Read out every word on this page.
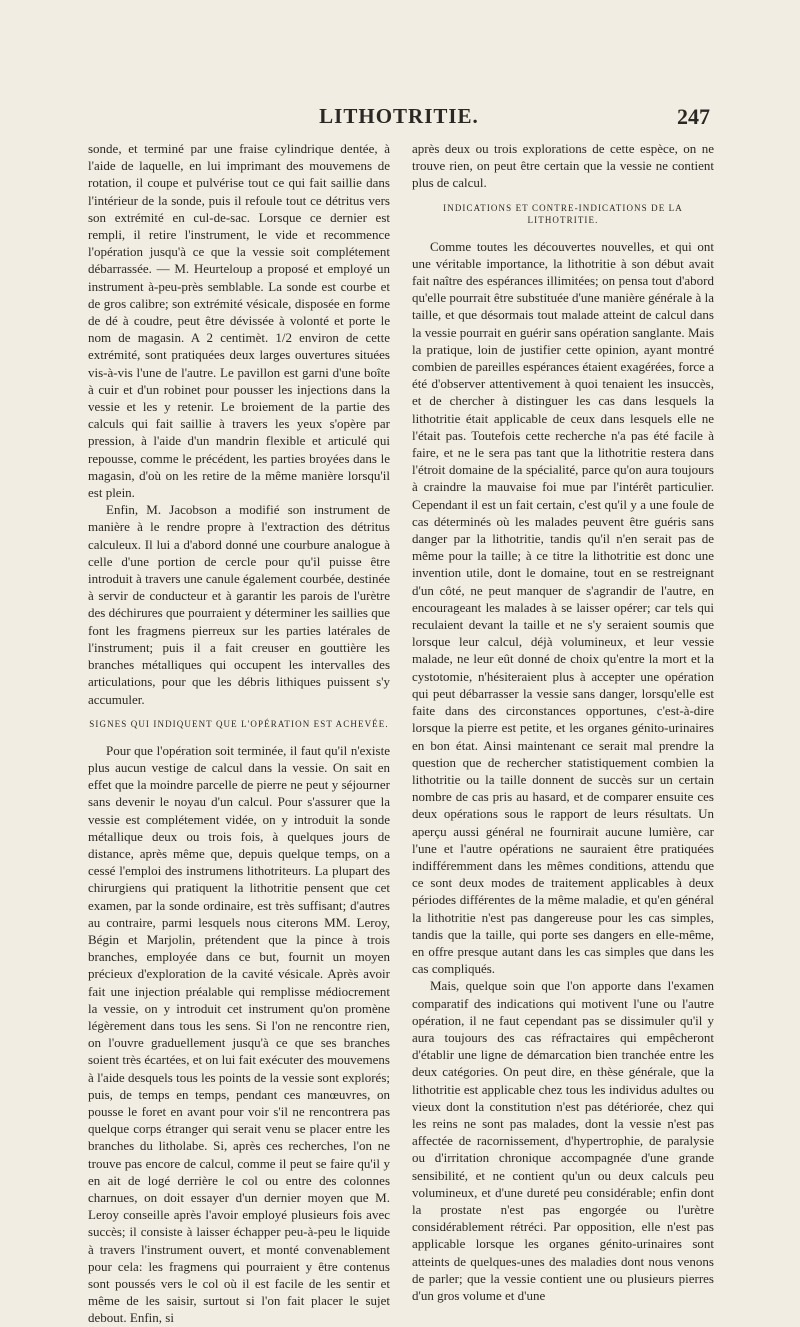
LITHOTRITIE.	247

sonde, et terminé par une fraise cylindrique dentée, à l'aide de laquelle, en lui imprimant des mouvemens de rotation, il coupe et pulvérise tout ce qui fait saillie dans l'intérieur de la sonde, puis il refoule tout ce détritus vers son extrémité en cul-de-sac. Lorsque ce dernier est rempli, il retire l'instrument, le vide et recommence l'opération jusqu'à ce que la vessie soit complétement débarrassée. — M. Heurteloup a proposé et employé un instrument à-peu-près semblable. La sonde est courbe et de gros calibre; son extrémité vésicale, disposée en forme de dé à coudre, peut être dévissée à volonté et porte le nom de magasin. A 2 centimèt. 1/2 environ de cette extrémité, sont pratiquées deux larges ouvertures situées vis-à-vis l'une de l'autre. Le pavillon est garni d'une boîte à cuir et d'un robinet pour pousser les injections dans la vessie et les y retenir. Le broiement de la partie des calculs qui fait saillie à travers les yeux s'opère par pression, à l'aide d'un mandrin flexible et articulé qui repousse, comme le précédent, les parties broyées dans le magasin, d'où on les retire de la même manière lorsqu'il est plein.

Enfin, M. Jacobson a modifié son instrument de manière à le rendre propre à l'extraction des détritus calculeux. Il lui a d'abord donné une courbure analogue à celle d'une portion de cercle pour qu'il puisse être introduit à travers une canule également courbée, destinée à servir de conducteur et à garantir les parois de l'urètre des déchirures que pourraient y déterminer les saillies que font les fragmens pierreux sur les parties latérales de l'instrument; puis il a fait creuser en gouttière les branches métalliques qui occupent les intervalles des articulations, pour que les débris lithiques puissent s'y accumuler.

SIGNES QUI INDIQUENT QUE L'OPÉRATION EST ACHEVÉE.

Pour que l'opération soit terminée, il faut qu'il n'existe plus aucun vestige de calcul dans la vessie. On sait en effet que la moindre parcelle de pierre ne peut y séjourner sans devenir le noyau d'un calcul. Pour s'assurer que la vessie est complétement vidée, on y introduit la sonde métallique deux ou trois fois, à quelques jours de distance, après même que, depuis quelque temps, on a cessé l'emploi des instrumens lithotriteurs. La plupart des chirurgiens qui pratiquent la lithotritie pensent que cet examen, par la sonde ordinaire, est très suffisant; d'autres au contraire, parmi lesquels nous citerons MM. Leroy, Bégin et Marjolin, prétendent que la pince à trois branches, employée dans ce but, fournit un moyen précieux d'exploration de la cavité vésicale. Après avoir fait une injection préalable qui remplisse médiocrement la vessie, on y introduit cet instrument qu'on promène légèrement dans tous les sens. Si l'on ne rencontre rien, on l'ouvre graduellement jusqu'à ce que ses branches soient très écartées, et on lui fait exécuter des mouvemens à l'aide desquels tous les points de la vessie sont explorés; puis, de temps en temps, pendant ces manœuvres, on pousse le foret en avant pour voir s'il ne rencontrera pas quelque corps étranger qui serait venu se placer entre les branches du litholabe. Si, après ces recherches, l'on ne trouve pas encore de calcul, comme il peut se faire qu'il y en ait de logé derrière le col ou entre des colonnes charnues, on doit essayer d'un dernier moyen que M. Leroy conseille après l'avoir employé plusieurs fois avec succès; il consiste à laisser échapper peu-à-peu le liquide à travers l'instrument ouvert, et monté convenablement pour cela: les fragmens qui pourraient y être contenus sont poussés vers le col où il est facile de les sentir et même de les saisir, surtout si l'on fait placer le sujet debout. Enfin, si

après deux ou trois explorations de cette espèce, on ne trouve rien, on peut être certain que la vessie ne contient plus de calcul.

INDICATIONS ET CONTRE-INDICATIONS DE LA LITHOTRITIE.

Comme toutes les découvertes nouvelles, et qui ont une véritable importance, la lithotritie à son début avait fait naître des espérances illimitées; on pensa tout d'abord qu'elle pourrait être substituée d'une manière générale à la taille, et que désormais tout malade atteint de calcul dans la vessie pourrait en guérir sans opération sanglante. Mais la pratique, loin de justifier cette opinion, ayant montré combien de pareilles espérances étaient exagérées, force a été d'observer attentivement à quoi tenaient les insuccès, et de chercher à distinguer les cas dans lesquels la lithotritie était applicable de ceux dans lesquels elle ne l'était pas. Toutefois cette recherche n'a pas été facile à faire, et ne le sera pas tant que la lithotritie restera dans l'étroit domaine de la spécialité, parce qu'on aura toujours à craindre la mauvaise foi mue par l'intérêt particulier. Cependant il est un fait certain, c'est qu'il y a une foule de cas déterminés où les malades peuvent être guéris sans danger par la lithotritie, tandis qu'il n'en serait pas de même pour la taille; à ce titre la lithotritie est donc une invention utile, dont le domaine, tout en se restreignant d'un côté, ne peut manquer de s'agrandir de l'autre, en encourageant les malades à se laisser opérer; car tels qui reculaient devant la taille et ne s'y seraient soumis que lorsque leur calcul, déjà volumineux, et leur vessie malade, ne leur eût donné de choix qu'entre la mort et la cystotomie, n'hésiteraient plus à accepter une opération qui peut débarrasser la vessie sans danger, lorsqu'elle est faite dans des circonstances opportunes, c'est-à-dire lorsque la pierre est petite, et les organes génito-urinaires en bon état. Ainsi maintenant ce serait mal prendre la question que de rechercher statistiquement combien la lithotritie ou la taille donnent de succès sur un certain nombre de cas pris au hasard, et de comparer ensuite ces deux opérations sous le rapport de leurs résultats. Un aperçu aussi général ne fournirait aucune lumière, car l'une et l'autre opérations ne sauraient être pratiquées indifféremment dans les mêmes conditions, attendu que ce sont deux modes de traitement applicables à deux périodes différentes de la même maladie, et qu'en général la lithotritie n'est pas dangereuse pour les cas simples, tandis que la taille, qui porte ses dangers en elle-même, en offre presque autant dans les cas simples que dans les cas compliqués.

Mais, quelque soin que l'on apporte dans l'examen comparatif des indications qui motivent l'une ou l'autre opération, il ne faut cependant pas se dissimuler qu'il y aura toujours des cas réfractaires qui empêcheront d'établir une ligne de démarcation bien tranchée entre les deux catégories. On peut dire, en thèse générale, que la lithotritie est applicable chez tous les individus adultes ou vieux dont la constitution n'est pas détériorée, chez qui les reins ne sont pas malades, dont la vessie n'est pas affectée de racornissement, d'hypertrophie, de paralysie ou d'irritation chronique accompagnée d'une grande sensibilité, et ne contient qu'un ou deux calculs peu volumineux, et d'une dureté peu considérable; enfin dont la prostate n'est pas engorgée ou l'urètre considérablement rétréci. Par opposition, elle n'est pas applicable lorsque les organes génito-urinaires sont atteints de quelques-unes des maladies dont nous venons de parler; que la vessie contient une ou plusieurs pierres d'un gros volume et d'une
